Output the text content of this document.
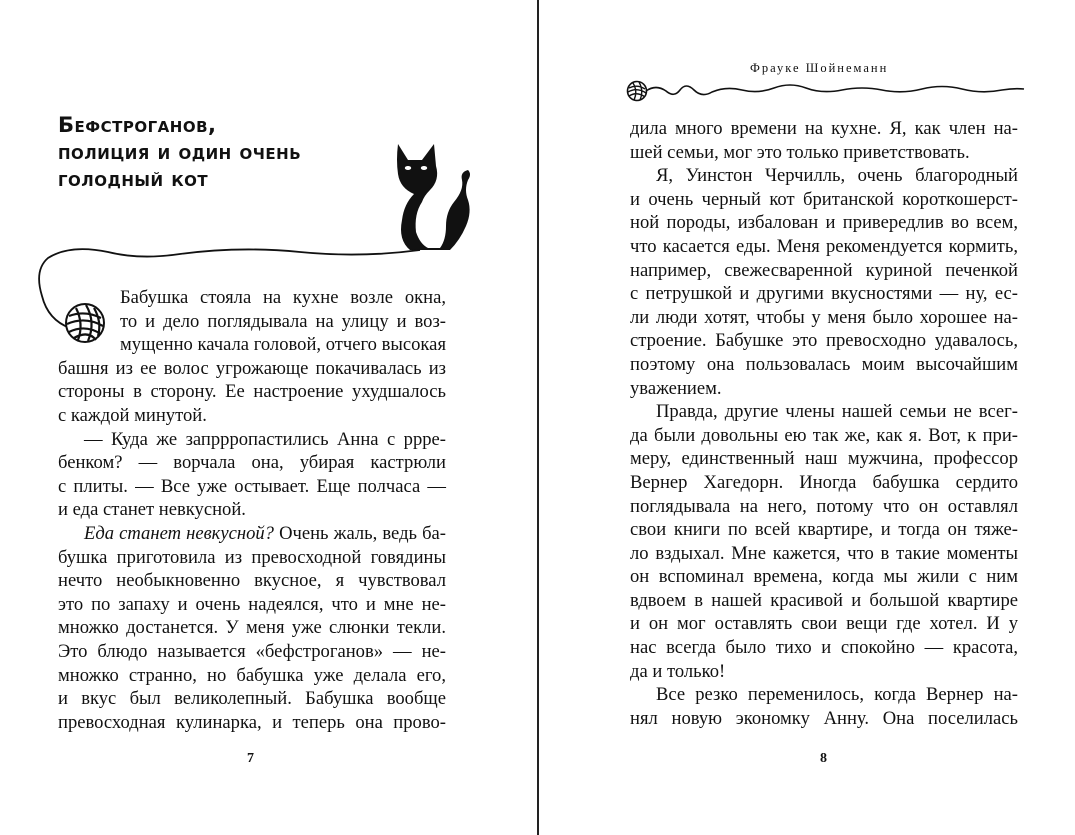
Бефстроганов,
полиция и один очень
голодный кот
Бабушка стояла на кухне возле окна,
то и дело поглядывала на улицу и воз-
мущенно качала головой, отчего высокая
башня из ее волос угрожающе покачивалась из
стороны в сторону. Ее настроение ухудшалось
с каждой минутой.
— Куда же запррропастились Анна с ррре-
бенком? — ворчала она, убирая кастрюли
с плиты. — Все уже остывает. Еще полчаса —
и еда станет невкусной.
Еда станет невкусной? Очень жаль, ведь ба-
бушка приготовила из превосходной говядины
нечто необыкновенно вкусное, я чувствовал
это по запаху и очень надеялся, что и мне не-
множко достанется. У меня уже слюнки текли.
Это блюдо называется «бефстроганов» — не-
множко странно, но бабушка уже делала его,
и вкус был великолепный. Бабушка вообще
превосходная кулинарка, и теперь она прово-
7
Фрауке Шойнеманн
дила много времени на кухне. Я, как член на-
шей семьи, мог это только приветствовать.
Я, Уинстон Черчилль, очень благородный
и очень черный кот британской короткошерст-
ной породы, избалован и привередлив во всем,
что касается еды. Меня рекомендуется кормить,
например, свежесваренной куриной печенкой
с петрушкой и другими вкусностями — ну, ес-
ли люди хотят, чтобы у меня было хорошее на-
строение. Бабушке это превосходно удавалось,
поэтому она пользовалась моим высочайшим
уважением.
Правда, другие члены нашей семьи не всег-
да были довольны ею так же, как я. Вот, к при-
меру, единственный наш мужчина, профессор
Вернер Хагедорн. Иногда бабушка сердито
поглядывала на него, потому что он оставлял
свои книги по всей квартире, и тогда он тяже-
ло вздыхал. Мне кажется, что в такие моменты
он вспоминал времена, когда мы жили с ним
вдвоем в нашей красивой и большой квартире
и он мог оставлять свои вещи где хотел. И у
нас всегда было тихо и спокойно — красота,
да и только!
Все резко переменилось, когда Вернер на-
нял новую экономку Анну. Она поселилась
8
